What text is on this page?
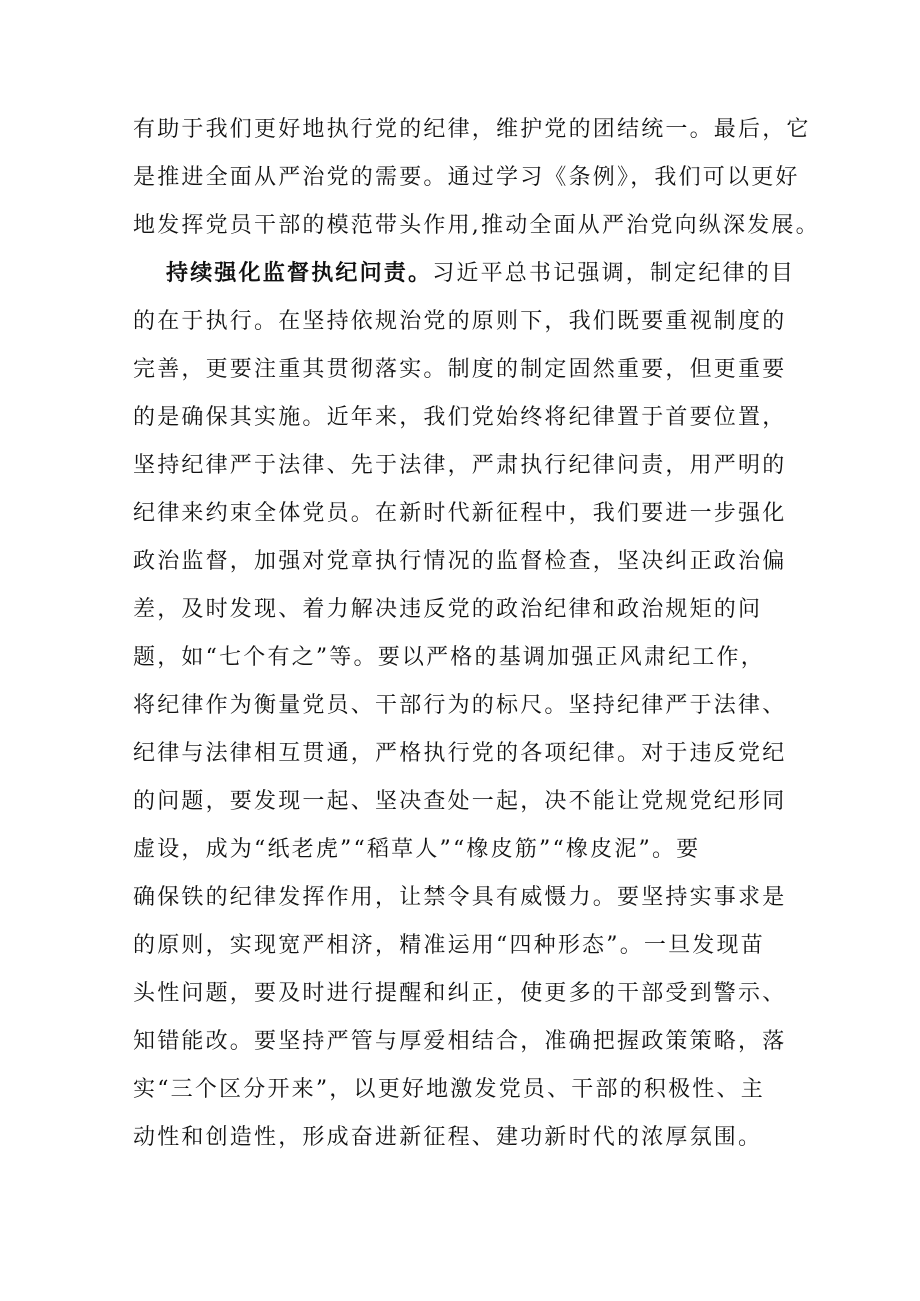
有助于我们更好地执行党的纪律，维护党的团结统一。最后，它
是推进全面从严治党的需要。通过学习《条例》，我们可以更好
地发挥党员干部的模范带头作用,推动全面从严治党向纵深发展。
持续强化监督执纪问责。习近平总书记强调，制定纪律的目
的在于执行。在坚持依规治党的原则下，我们既要重视制度的
完善，更要注重其贯彻落实。制度的制定固然重要，但更重要
的是确保其实施。近年来，我们党始终将纪律置于首要位置，
坚持纪律严于法律、先于法律，严肃执行纪律问责，用严明的
纪律来约束全体党员。在新时代新征程中，我们要进一步强化
政治监督，加强对党章执行情况的监督检查，坚决纠正政治偏
差，及时发现、着力解决违反党的政治纪律和政治规矩的问
题，如“七个有之”等。要以严格的基调加强正风肃纪工作，
将纪律作为衡量党员、干部行为的标尺。坚持纪律严于法律、
纪律与法律相互贯通，严格执行党的各项纪律。对于违反党纪
的问题，要发现一起、坚决查处一起，决不能让党规党纪形同
虚设，成为“纸老虎”“稻草人”“橡皮筋”“橡皮泥”。要
确保铁的纪律发挥作用，让禁令具有威慑力。要坚持实事求是
的原则，实现宽严相济，精准运用“四种形态”。一旦发现苗
头性问题，要及时进行提醒和纠正，使更多的干部受到警示、
知错能改。要坚持严管与厚爱相结合，准确把握政策策略，落
实“三个区分开来”，以更好地激发党员、干部的积极性、主
动性和创造性，形成奋进新征程、建功新时代的浓厚氛围。
